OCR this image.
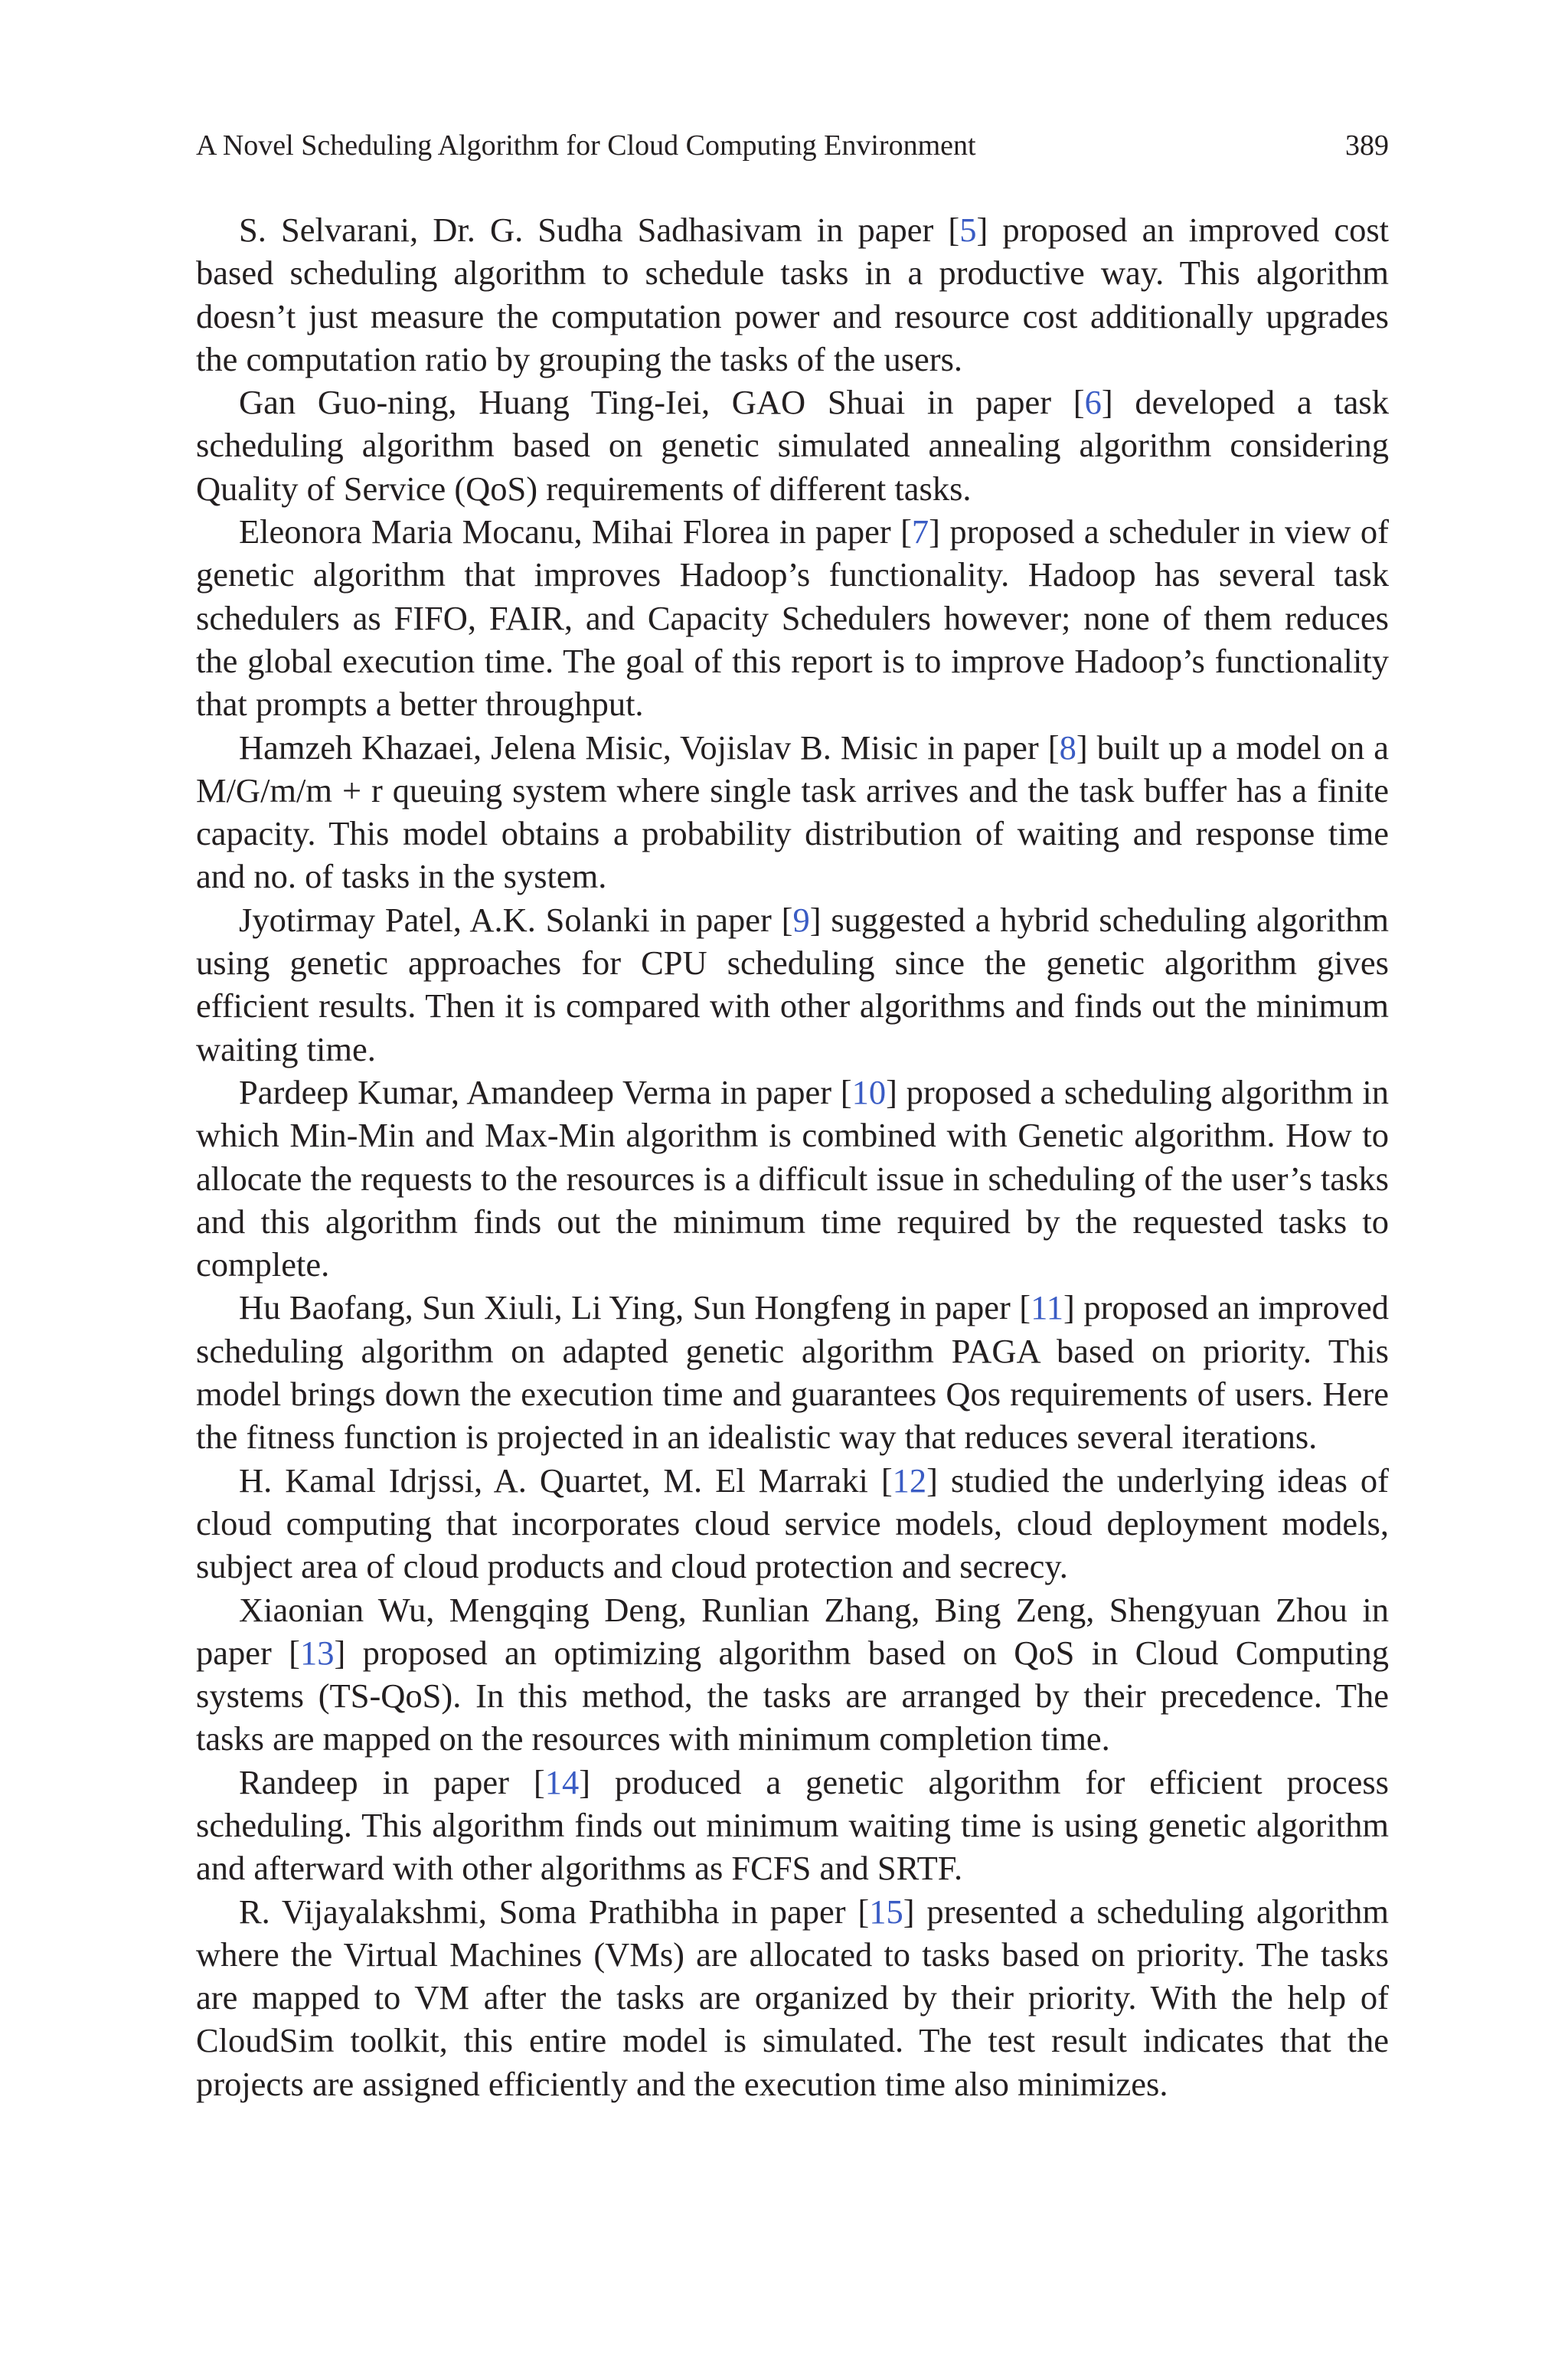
A Novel Scheduling Algorithm for Cloud Computing Environment	389

S. Selvarani, Dr. G. Sudha Sadhasivam in paper [5] proposed an improved cost based scheduling algorithm to schedule tasks in a productive way. This algorithm doesn’t just measure the computation power and resource cost additionally upgrades the computation ratio by grouping the tasks of the users.

Gan Guo-ning, Huang Ting-Iei, GAO Shuai in paper [6] developed a task scheduling algorithm based on genetic simulated annealing algorithm considering Quality of Service (QoS) requirements of different tasks.

Eleonora Maria Mocanu, Mihai Florea in paper [7] proposed a scheduler in view of genetic algorithm that improves Hadoop’s functionality. Hadoop has several task schedulers as FIFO, FAIR, and Capacity Schedulers however; none of them reduces the global execution time. The goal of this report is to improve Hadoop’s functionality that prompts a better throughput.

Hamzeh Khazaei, Jelena Misic, Vojislav B. Misic in paper [8] built up a model on a M/G/m/m + r queuing system where single task arrives and the task buffer has a finite capacity. This model obtains a probability distribution of waiting and response time and no. of tasks in the system.

Jyotirmay Patel, A.K. Solanki in paper [9] suggested a hybrid scheduling algorithm using genetic approaches for CPU scheduling since the genetic algorithm gives efficient results. Then it is compared with other algorithms and finds out the minimum waiting time.

Pardeep Kumar, Amandeep Verma in paper [10] proposed a scheduling algorithm in which Min-Min and Max-Min algorithm is combined with Genetic algorithm. How to allocate the requests to the resources is a difficult issue in scheduling of the user’s tasks and this algorithm finds out the minimum time required by the requested tasks to complete.

Hu Baofang, Sun Xiuli, Li Ying, Sun Hongfeng in paper [11] proposed an improved scheduling algorithm on adapted genetic algorithm PAGA based on priority. This model brings down the execution time and guarantees Qos requirements of users. Here the fitness function is projected in an idealistic way that reduces several iterations.

H. Kamal Idrjssi, A. Quartet, M. El Marraki [12] studied the underlying ideas of cloud computing that incorporates cloud service models, cloud deployment models, subject area of cloud products and cloud protection and secrecy.

Xiaonian Wu, Mengqing Deng, Runlian Zhang, Bing Zeng, Shengyuan Zhou in paper [13] proposed an optimizing algorithm based on QoS in Cloud Computing systems (TS-QoS). In this method, the tasks are arranged by their precedence. The tasks are mapped on the resources with minimum completion time.

Randeep in paper [14] produced a genetic algorithm for efficient process scheduling. This algorithm finds out minimum waiting time is using genetic algorithm and afterward with other algorithms as FCFS and SRTF.

R. Vijayalakshmi, Soma Prathibha in paper [15] presented a scheduling algorithm where the Virtual Machines (VMs) are allocated to tasks based on priority. The tasks are mapped to VM after the tasks are organized by their priority. With the help of CloudSim toolkit, this entire model is simulated. The test result indicates that the projects are assigned efficiently and the execution time also minimizes.
